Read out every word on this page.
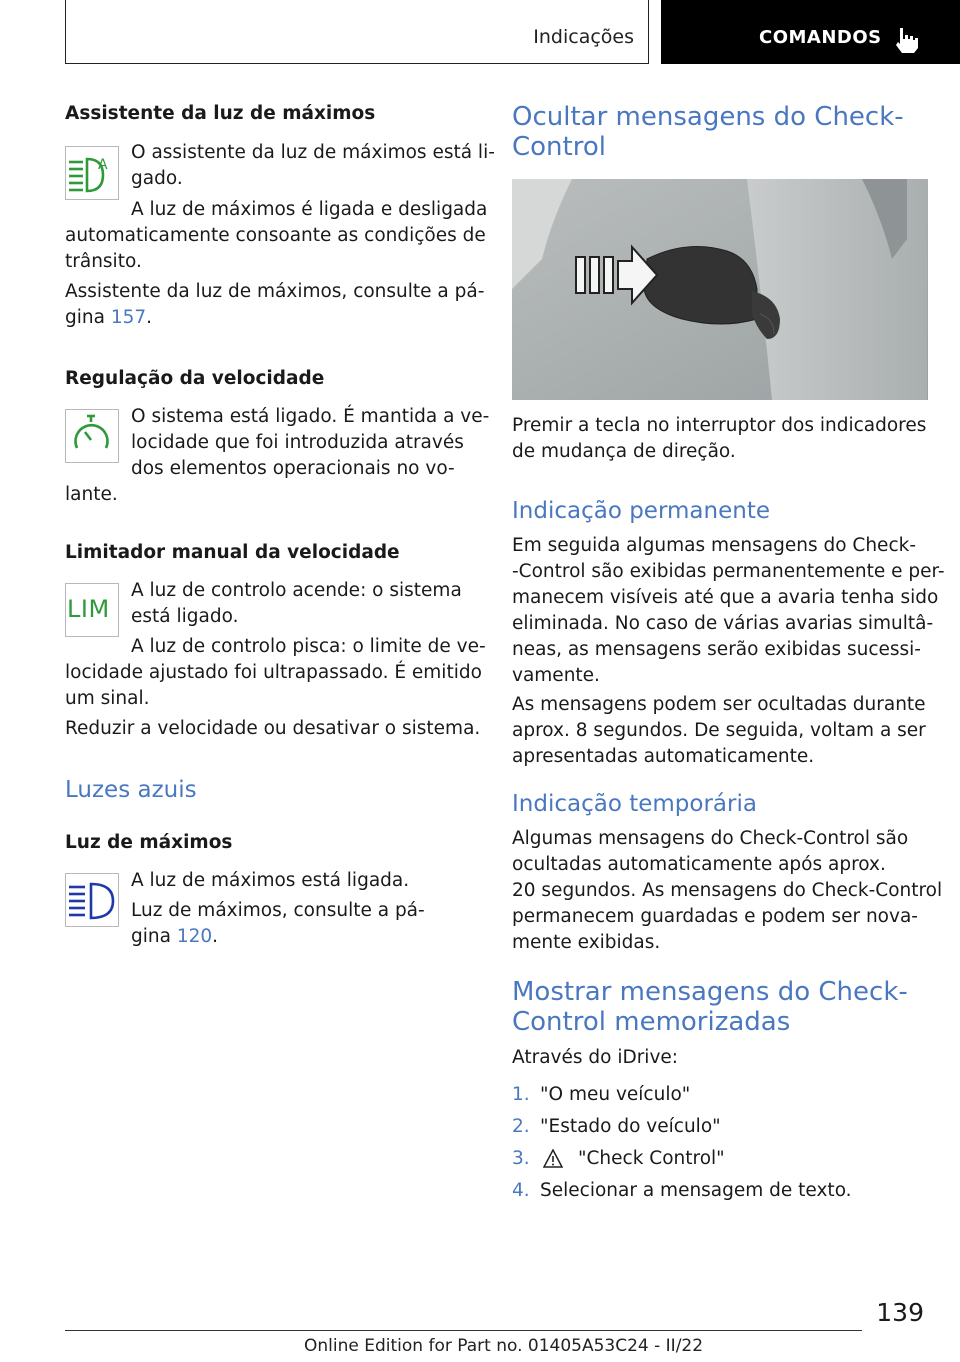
Indicações	COMANDOS
Assistente da luz de máximos
A

O assistente da luz de máximos está li-

gado.

A luz de máximos é ligada e desligada

automaticamente consoante as condições de

trânsito.

Assistente da luz de máximos, consulte a pá-

gina 157.

Regulação da velocidade

O sistema está ligado. É mantida a ve-

locidade que foi introduzida através

dos elementos operacionais no vo-

lante.

Limitador manual da velocidade
LIM

A luz de controlo acende: o sistema

está ligado.

A luz de controlo pisca: o limite de ve-

locidade ajustado foi ultrapassado. É emitido

um sinal.

Reduzir a velocidade ou desativar o sistema.

Luzes azuis
Luz de máximos

A luz de máximos está ligada.

Luz de máximos, consulte a pá-

gina 120.

Ocultar mensagens do Check-
Control

Premir a tecla no interruptor dos indicadores

de mudança de direção.

Indicação permanente

Em seguida algumas mensagens do Check-

-Control são exibidas permanentemente e per-

manecem visíveis até que a avaria tenha sido

eliminada. No caso de várias avarias simultâ-

neas, as mensagens serão exibidas sucessi-

vamente.

As mensagens podem ser ocultadas durante

aprox. 8 segundos. De seguida, voltam a ser

apresentadas automaticamente.

Indicação temporária

Algumas mensagens do Check-Control são

ocultadas automaticamente após aprox.

20 segundos. As mensagens do Check-Control

permanecem guardadas e podem ser nova-

mente exibidas.

Mostrar mensagens do Check-
Control memorizadas

Através do iDrive:

1. "O meu veículo"
2. "Estado do veículo"
3.	"Check Control"
4. Selecionar a mensagem de texto.
139
Online Edition for Part no. 01405A53C24 - II/22
